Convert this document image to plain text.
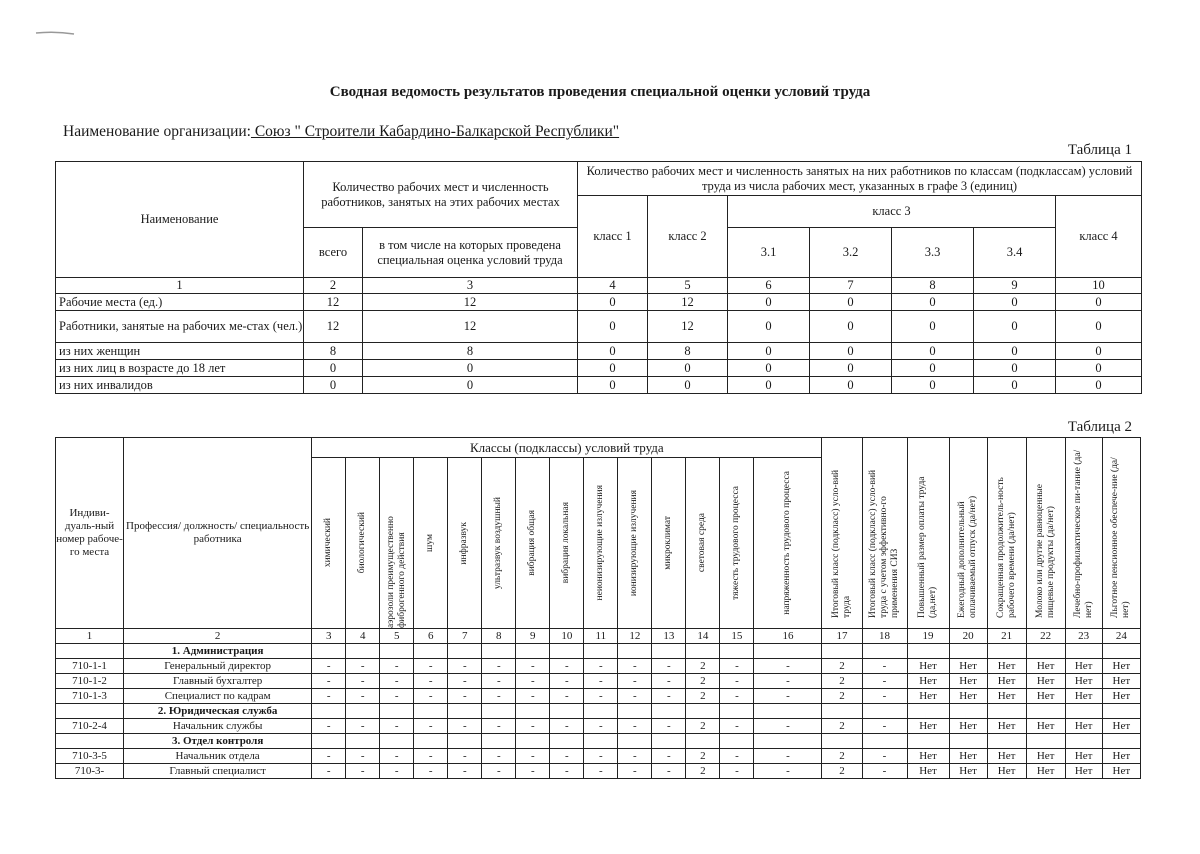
Сводная ведомость результатов проведения специальной оценки условий труда
Наименование организации: Союз " Строители Кабардино-Балкарской Республики"
Таблица 1
Наименование	Количество рабочих мест и численность работников, занятых на этих рабочих местах		Количество рабочих мест и численность занятых на них работников по классам (подклассам) условий труда из числа рабочих мест, указанных в графе 3 (единиц)						
			класс 1	класс 2	класс 3				класс 4
	всего	в том числе на которых проведена специальная оценка условий труда			3.1	3.2	3.3	3.4	
1	2	3	4	5	6	7	8	9	10
Рабочие места (ед.)	12	12	0	12	0	0	0	0	0
Работники, занятые на рабочих ме-стах (чел.)	12	12	0	12	0	0	0	0	0
из них женщин	8	8	0	8	0	0	0	0	0
из них лиц в возрасте до 18 лет	0	0	0	0	0	0	0	0	0
из них инвалидов	0	0	0	0	0	0	0	0	0
Таблица 2
Индиви-дуаль-ный номер рабоче-го места	Профессия/ должность/ специальность работника	Классы (подклассы) условий труда														Итоговый класс (подкласс) усло-вий труда	Итоговый класс (подкласс) усло-вий труда с учетом эффективно-го применения СИЗ	Повышенный размер оплаты труда (да,нет)	Ежегодный дополнительный оплачиваемый отпуск (да/нет)	Сокращенная продолжитель-ность рабочего времени (да/нет)	Молоко или другие равноценные пищевые продукты (да/нет)	Лечебно-профилактическое пи-тание (да/нет)	Льготное пенсионное обеспече-ние (да/нет)

		химический	биологический	аэрозоли преимущественно фиброгенного действия	шум	инфразвук	ультразвук воздушный	вибрация общая	вибрация локальная	неионизирующие излучения	ионизирующие излучения	микроклимат	световая среда	тяжесть трудового процесса	напряженность трудового процесса								

1	2	3	4	5	6	7	8	9	10	11	12	13	14	15	16	17	18	19	20	21	22	23	24
	1. Администрация																						
710-1-1	Генеральный директор	-	-	-	-	-	-	-	-	-	-	-	2	-	-	2	-	Нет	Нет	Нет	Нет	Нет	Нет
710-1-2	Главный бухгалтер	-	-	-	-	-	-	-	-	-	-	-	2	-	-	2	-	Нет	Нет	Нет	Нет	Нет	Нет
710-1-3	Специалист по кадрам	-	-	-	-	-	-	-	-	-	-	-	2	-	-	2	-	Нет	Нет	Нет	Нет	Нет	Нет
	2. Юридическая служба																						
710-2-4	Начальник службы	-	-	-	-	-	-	-	-	-	-	-	2	-	-	2	-	Нет	Нет	Нет	Нет	Нет	Нет
	3. Отдел контроля																						
710-3-5	Начальник отдела	-	-	-	-	-	-	-	-	-	-	-	2	-	-	2	-	Нет	Нет	Нет	Нет	Нет	Нет
710-3-	Главный специалист	-	-	-	-	-	-	-	-	-	-	-	2	-	-	2	-	Нет	Нет	Нет	Нет	Нет	Нет
